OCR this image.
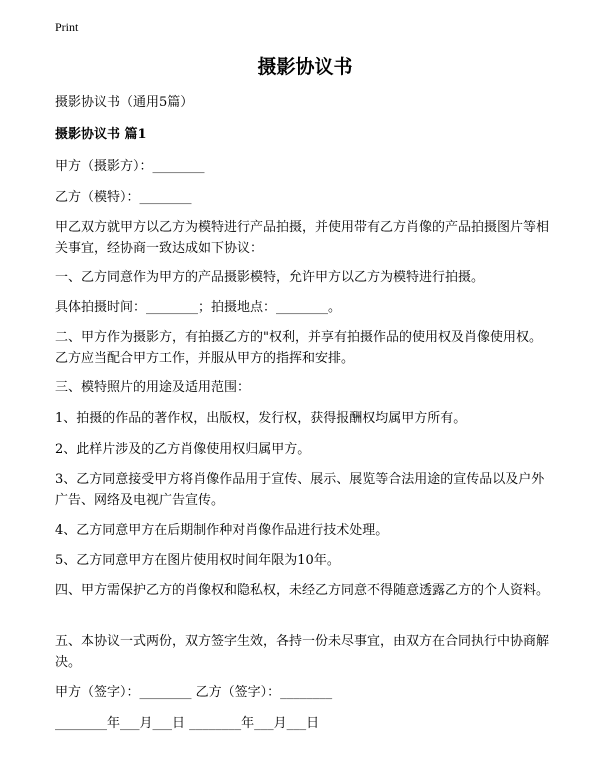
Print
摄影协议书
摄影协议书（通用5篇）
摄影协议书 篇1
甲方（摄影方）：________
乙方（模特）：________
甲乙双方就甲方以乙方为模特进行产品拍摄，并使用带有乙方肖像的产品拍摄图片等相关事宜，经协商一致达成如下协议：
一、乙方同意作为甲方的产品摄影模特，允许甲方以乙方为模特进行拍摄。
具体拍摄时间：________；拍摄地点：________。
二、甲方作为摄影方，有拍摄乙方的"权利，并享有拍摄作品的使用权及肖像使用权。乙方应当配合甲方工作，并服从甲方的指挥和安排。
三、模特照片的用途及适用范围：
1、拍摄的作品的著作权，出版权，发行权，获得报酬权均属甲方所有。
2、此样片涉及的乙方肖像使用权归属甲方。
3、乙方同意接受甲方将肖像作品用于宣传、展示、展览等合法用途的宣传品以及户外广告、网络及电视广告宣传。
4、乙方同意甲方在后期制作种对肖像作品进行技术处理。
5、乙方同意甲方在图片使用权时间年限为10年。
四、甲方需保护乙方的肖像权和隐私权，未经乙方同意不得随意透露乙方的个人资料。
五、本协议一式两份，双方签字生效，各持一份未尽事宜，由双方在合同执行中协商解决。
甲方（签字）：________ 乙方（签字）：________
________年___月___日 ________年___月___日
